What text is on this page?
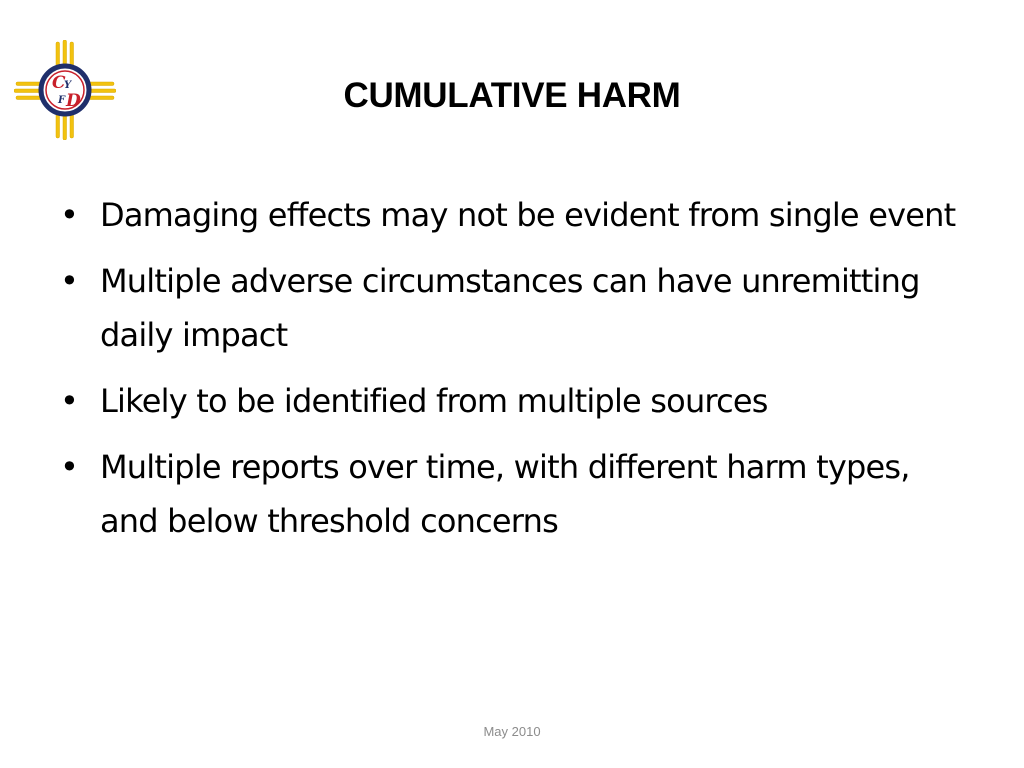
C
Y
F D	CUMULATIVE HARM
• Damaging effects may not be evident from single event
• Multiple adverse circumstances can have unremitting daily impact
• Likely to be identified from multiple sources
• Multiple reports over time, with different harm types, and below threshold concerns
May 2010
